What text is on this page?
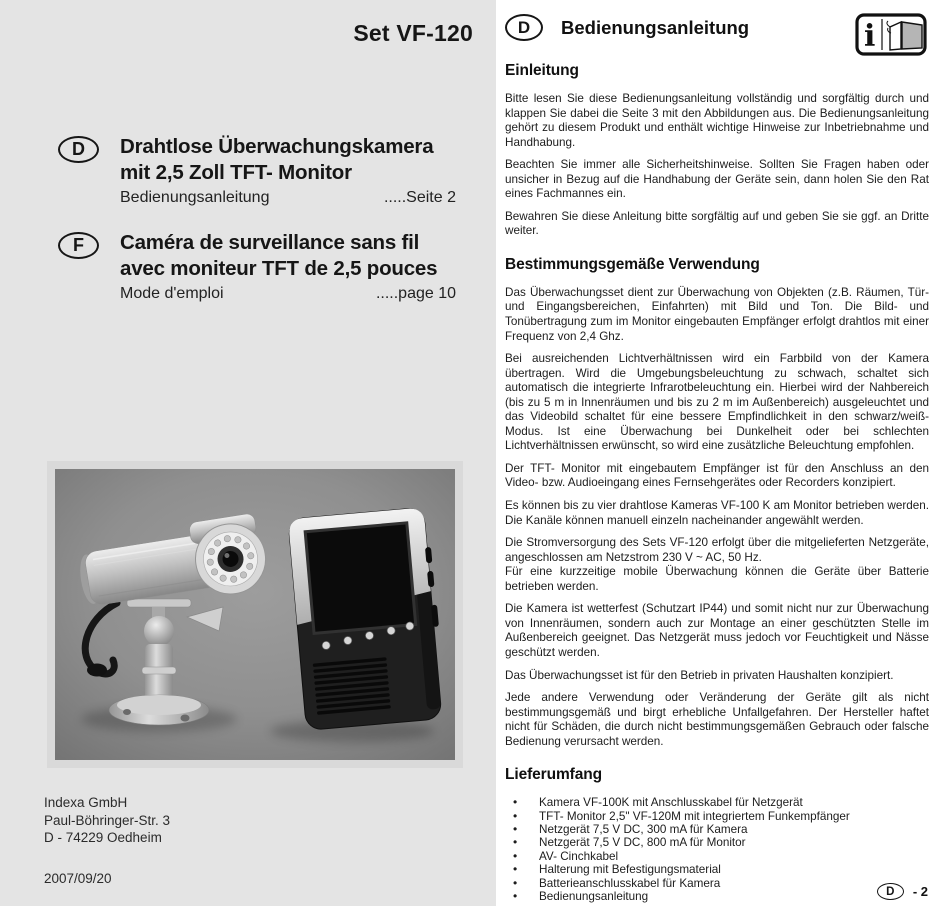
Set VF-120
D	Drahtlose Überwachungskamera
mit 2,5 Zoll TFT- Monitor
Bedienungsanleitung	.....Seite 2
F	Caméra de surveillance sans fil
avec moniteur TFT de 2,5 pouces
Mode d'emploi	.....page 10
Indexa GmbH
Paul-Böhringer-Str. 3
D - 74229 Oedheim
2007/09/20
D	Bedienungsanleitung	i
Einleitung

Bitte lesen Sie diese Bedienungsanleitung vollständig und sorgfältig durch und klappen Sie dabei die Seite 3 mit den Abbildungen aus. Die Bedienungsanleitung gehört zu diesem Produkt und enthält wichtige Hinweise zur Inbetriebnahme und Handhabung.

Beachten Sie immer alle Sicherheitshinweise. Sollten Sie Fragen haben oder unsicher in Bezug auf die Handhabung der Geräte sein, dann holen Sie den Rat eines Fachmannes ein.

Bewahren Sie diese Anleitung bitte sorgfältig auf und geben Sie sie ggf. an Dritte weiter.

Bestimmungsgemäße Verwendung

Das Überwachungsset dient zur Überwachung von Objekten (z.B. Räumen, Tür- und Eingangsbereichen, Einfahrten) mit Bild und Ton. Die Bild- und Tonübertragung zum im Monitor eingebauten Empfänger erfolgt drahtlos mit einer Frequenz von 2,4 Ghz.

Bei ausreichenden Lichtverhältnissen wird ein Farbbild von der Kamera übertragen. Wird die Umgebungsbeleuchtung zu schwach, schaltet sich automatisch die integrierte Infrarotbeleuchtung ein. Hierbei wird der Nahbereich (bis zu 5 m in Innenräumen und bis zu 2 m im Außenbereich) ausgeleuchtet und das Videobild schaltet für eine bessere Empfindlichkeit in den schwarz/weiß- Modus. Ist eine Überwachung bei Dunkelheit oder bei schlechten Lichtverhältnissen erwünscht, so wird eine zusätzliche Beleuchtung empfohlen.

Der TFT- Monitor mit eingebautem Empfänger ist für den Anschluss an den Video- bzw. Audioeingang eines Fernsehgerätes oder Recorders konzipiert.

Es können bis zu vier drahtlose Kameras VF-100 K am Monitor betrieben werden. Die Kanäle können manuell einzeln nacheinander angewählt werden.

Die Stromversorgung des Sets VF-120 erfolgt über die mitgelieferten Netzgeräte, angeschlossen am Netzstrom 230 V ~ AC, 50 Hz.

Für eine kurzzeitige mobile Überwachung können die Geräte über Batterie betrieben werden.

Die Kamera ist wetterfest (Schutzart IP44) und somit nicht nur zur Überwachung von Innenräumen, sondern auch zur Montage an einer geschützten Stelle im Außenbereich geeignet. Das Netzgerät muss jedoch vor Feuchtigkeit und Nässe geschützt werden.

Das Überwachungsset ist für den Betrieb in privaten Haushalten konzipiert.

Jede andere Verwendung oder Veränderung der Geräte gilt als nicht bestimmungsgemäß und birgt erhebliche Unfallgefahren. Der Hersteller haftet nicht für Schäden, die durch nicht bestimmungsgemäßen Gebrauch oder falsche Bedienung verursacht werden.

Lieferumfang
• Kamera VF-100K mit Anschlusskabel für Netzgerät
• TFT- Monitor 2,5" VF-120M mit integriertem Funkempfänger
• Netzgerät 7,5 V DC, 300 mA für Kamera
• Netzgerät 7,5 V DC, 800 mA für Monitor
• AV- Cinchkabel
• Halterung mit Befestigungsmaterial
• Batterieanschlusskabel für Kamera
• Bedienungsanleitung	D	- 2
